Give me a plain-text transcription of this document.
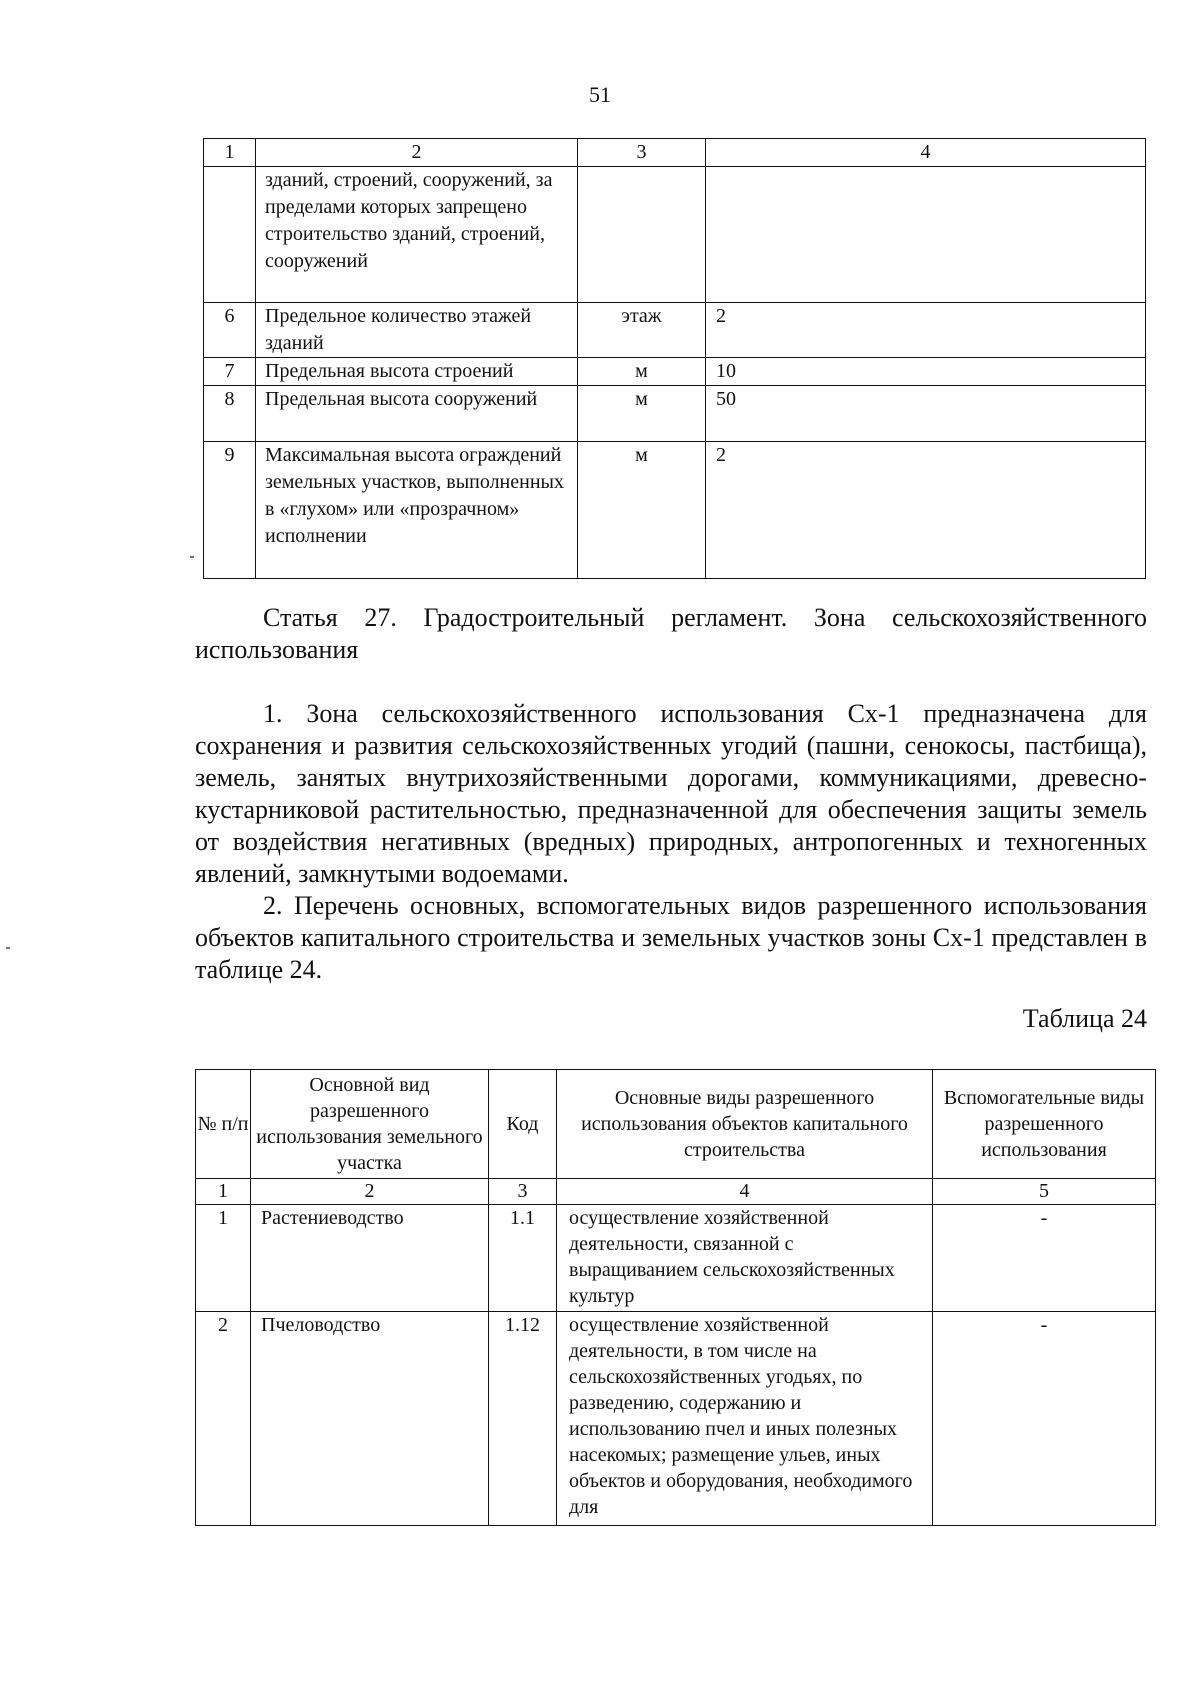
51
1	2	3	4
	зданий, строений, сооружений, за пределами которых запрещено строительство зданий, строений, сооружений		
6	Предельное количество этажей зданий	этаж	2
7	Предельная высота строений	м	10
8	Предельная высота сооружений	м	50
9	Максимальная высота ограждений земельных участков, выполненных в «глухом» или «прозрачном» исполнении	м	2
Статья 27. Градостроительный регламент. Зона сельскохозяйственного использования
1. Зона сельскохозяйственного использования Сх-1 предназначена для сохранения и развития сельскохозяйственных угодий (пашни, сенокосы, пастбища), земель, занятых внутрихозяйственными дорогами, коммуникациями, древесно-кустарниковой растительностью, предназначенной для обеспечения защиты земель от воздействия негативных (вредных) природных, антропогенных и техногенных явлений, замкнутыми водоемами.
2. Перечень основных, вспомогательных видов разрешенного использования объектов капитального строительства и земельных участков зоны Сх-1 представлен в таблице 24.
Таблица 24
№ п/п	Основной вид разрешенного использования земельного участка	Код	Основные виды разрешенного использования объектов капитального строительства	Вспомогательные виды разрешенного использования
1	2	3	4	5
1	Растениеводство	1.1	осуществление хозяйственной деятельности, связанной с выращиванием сельскохозяйственных культур	-
2	Пчеловодство	1.12	осуществление хозяйственной деятельности, в том числе на сельскохозяйственных угодьях, по разведению, содержанию и использованию пчел и иных полезных насекомых; размещение ульев, иных объектов и оборудования, необходимого для	-
